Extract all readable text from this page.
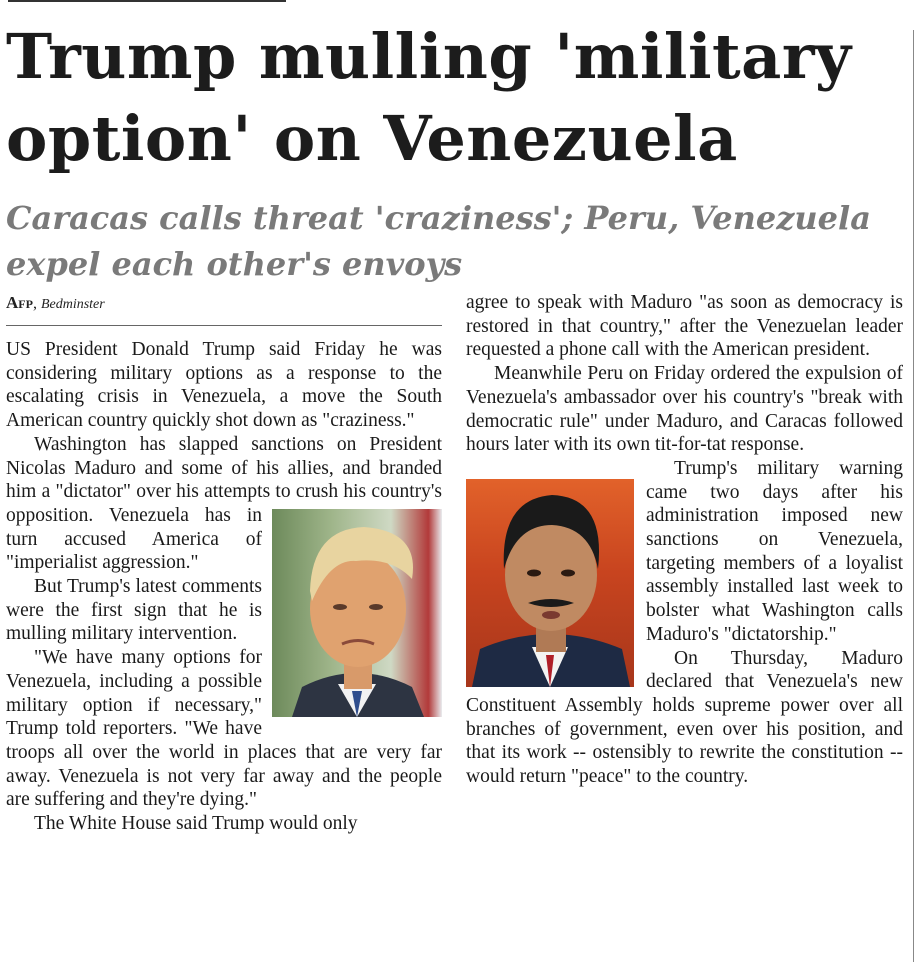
Trump mulling 'military option' on Venezuela
Caracas calls threat 'craziness'; Peru, Venezuela expel each other's envoys
Afp, Bedminster

US President Donald Trump said Friday he was considering military options as a response to the escalating crisis in Venezuela, a move the South American country quickly shot down as "craziness."

Washington has slapped sanctions on President Nicolas Maduro and some of his allies, and branded him a "dictator" over his attempts to crush his country's opposition. Venezuela has in turn accused America of "imperialist aggression."

But Trump's latest comments were the first sign that he is mulling military intervention.

"We have many options for Venezuela, including a possible military option if necessary," Trump told reporters. "We have troops all over the world in places that are very far away. Venezuela is not very far away and the people are suffering and they're dying."

The White House said Trump would only

agree to speak with Maduro "as soon as democracy is restored in that country," after the Venezuelan leader requested a phone call with the American president.

Meanwhile Peru on Friday ordered the expulsion of Venezuela's ambassador over his country's "break with democratic rule" under Maduro, and Caracas followed hours later with its own tit-for-tat response.

Trump's military warning came two days after his administration imposed new sanctions on Venezuela, targeting members of a loyalist assembly installed last week to bolster what Washington calls Maduro's "dictatorship."

On Thursday, Maduro declared that Venezuela's new Constituent Assembly holds supreme power over all branches of government, even over his position, and that its work -- ostensibly to rewrite the constitution -- would return "peace" to the country.
